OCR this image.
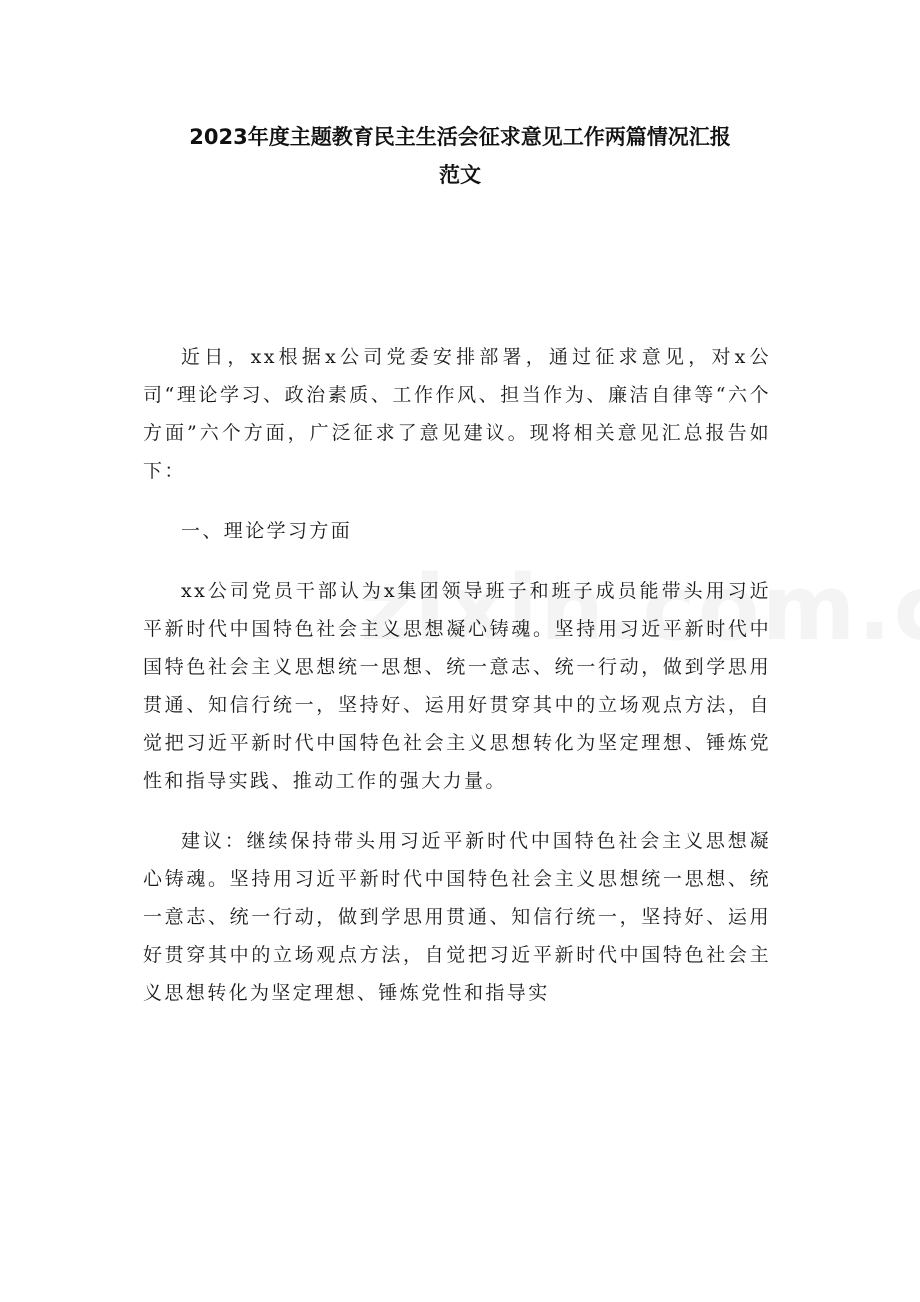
2023年度主题教育民主生活会征求意见工作两篇情况汇报
范文

近日，xx根据x公司党委安排部署，通过征求意见，对x公司“理论学习、政治素质、工作作风、担当作为、廉洁自律等“六个方面”六个方面，广泛征求了意见建议。现将相关意见汇总报告如下：

一、理论学习方面

xx公司党员干部认为x集团领导班子和班子成员能带头用习近平新时代中国特色社会主义思想凝心铸魂。坚持用习近平新时代中国特色社会主义思想统一思想、统一意志、统一行动，做到学思用贯通、知信行统一，坚持好、运用好贯穿其中的立场观点方法，自觉把习近平新时代中国特色社会主义思想转化为坚定理想、锤炼党性和指导实践、推动工作的强大力量。

建议：继续保持带头用习近平新时代中国特色社会主义思想凝心铸魂。坚持用习近平新时代中国特色社会主义思想统一思想、统一意志、统一行动，做到学思用贯通、知信行统一，坚持好、运用好贯穿其中的立场观点方法，自觉把习近平新时代中国特色社会主义思想转化为坚定理想、锤炼党性和指导实
